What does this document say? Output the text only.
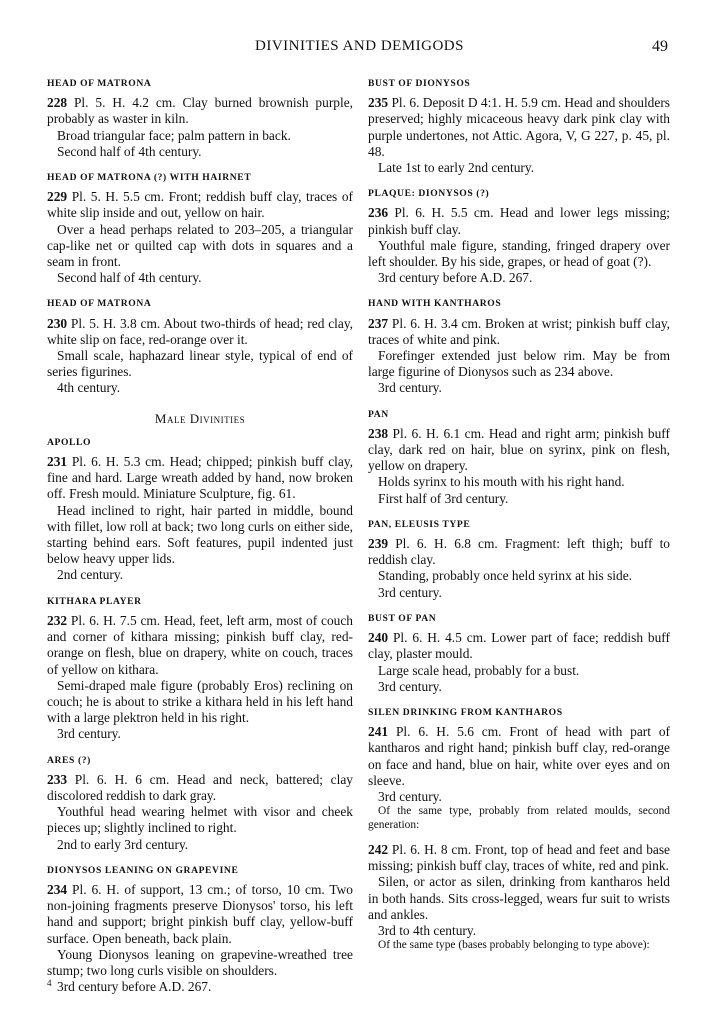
DIVINITIES AND DEMIGODS	49
HEAD OF MATRONA

228 Pl. 5. H. 4.2 cm. Clay burned brownish purple, probably as waster in kiln.

Broad triangular face; palm pattern in back.

Second half of 4th century.

HEAD OF MATRONA (?) WITH HAIRNET

229 Pl. 5. H. 5.5 cm. Front; reddish buff clay, traces of white slip inside and out, yellow on hair.

Over a head perhaps related to 203–205, a triangular cap-like net or quilted cap with dots in squares and a seam in front.

Second half of 4th century.

HEAD OF MATRONA

230 Pl. 5. H. 3.8 cm. About two-thirds of head; red clay, white slip on face, red-orange over it.

Small scale, haphazard linear style, typical of end of series figurines.

4th century.

Male Divinities
APOLLO

231 Pl. 6. H. 5.3 cm. Head; chipped; pinkish buff clay, fine and hard. Large wreath added by hand, now broken off. Fresh mould. Miniature Sculpture, fig. 61.

Head inclined to right, hair parted in middle, bound with fillet, low roll at back; two long curls on either side, starting behind ears. Soft features, pupil indented just below heavy upper lids.

2nd century.

KITHARA PLAYER

232 Pl. 6. H. 7.5 cm. Head, feet, left arm, most of couch and corner of kithara missing; pinkish buff clay, red-orange on flesh, blue on drapery, white on couch, traces of yellow on kithara.

Semi-draped male figure (probably Eros) reclining on couch; he is about to strike a kithara held in his left hand with a large plektron held in his right.

3rd century.

ARES (?)

233 Pl. 6. H. 6 cm. Head and neck, battered; clay discolored reddish to dark gray.

Youthful head wearing helmet with visor and cheek pieces up; slightly inclined to right.

2nd to early 3rd century.

DIONYSOS LEANING ON GRAPEVINE

234 Pl. 6. H. of support, 13 cm.; of torso, 10 cm. Two non-joining fragments preserve Dionysos' torso, his left hand and support; bright pinkish buff clay, yellow-buff surface. Open beneath, back plain.

Young Dionysos leaning on grapevine-wreathed tree stump; two long curls visible on shoulders.

3rd century before A.D. 267.

BUST OF DIONYSOS

235 Pl. 6. Deposit D 4:1. H. 5.9 cm. Head and shoulders preserved; highly micaceous heavy dark pink clay with purple undertones, not Attic. Agora, V, G 227, p. 45, pl. 48.

Late 1st to early 2nd century.

PLAQUE: DIONYSOS (?)

236 Pl. 6. H. 5.5 cm. Head and lower legs missing; pinkish buff clay.

Youthful male figure, standing, fringed drapery over left shoulder. By his side, grapes, or head of goat (?).

3rd century before A.D. 267.

HAND WITH KANTHAROS

237 Pl. 6. H. 3.4 cm. Broken at wrist; pinkish buff clay, traces of white and pink.

Forefinger extended just below rim. May be from large figurine of Dionysos such as 234 above.

3rd century.

PAN

238 Pl. 6. H. 6.1 cm. Head and right arm; pinkish buff clay, dark red on hair, blue on syrinx, pink on flesh, yellow on drapery.

Holds syrinx to his mouth with his right hand.

First half of 3rd century.

PAN, ELEUSIS TYPE

239 Pl. 6. H. 6.8 cm. Fragment: left thigh; buff to reddish clay.

Standing, probably once held syrinx at his side.

3rd century.

BUST OF PAN

240 Pl. 6. H. 4.5 cm. Lower part of face; reddish buff clay, plaster mould.

Large scale head, probably for a bust.

3rd century.

SILEN DRINKING FROM KANTHAROS

241 Pl. 6. H. 5.6 cm. Front of head with part of kantharos and right hand; pinkish buff clay, red-orange on face and hand, blue on hair, white over eyes and on sleeve.

3rd century.

Of the same type, probably from related moulds, second generation:

242 Pl. 6. H. 8 cm. Front, top of head and feet and base missing; pinkish buff clay, traces of white, red and pink.

Silen, or actor as silen, drinking from kantharos held in both hands. Sits cross-legged, wears fur suit to wrists and ankles.

3rd to 4th century.

Of the same type (bases probably belonging to type above):

4
